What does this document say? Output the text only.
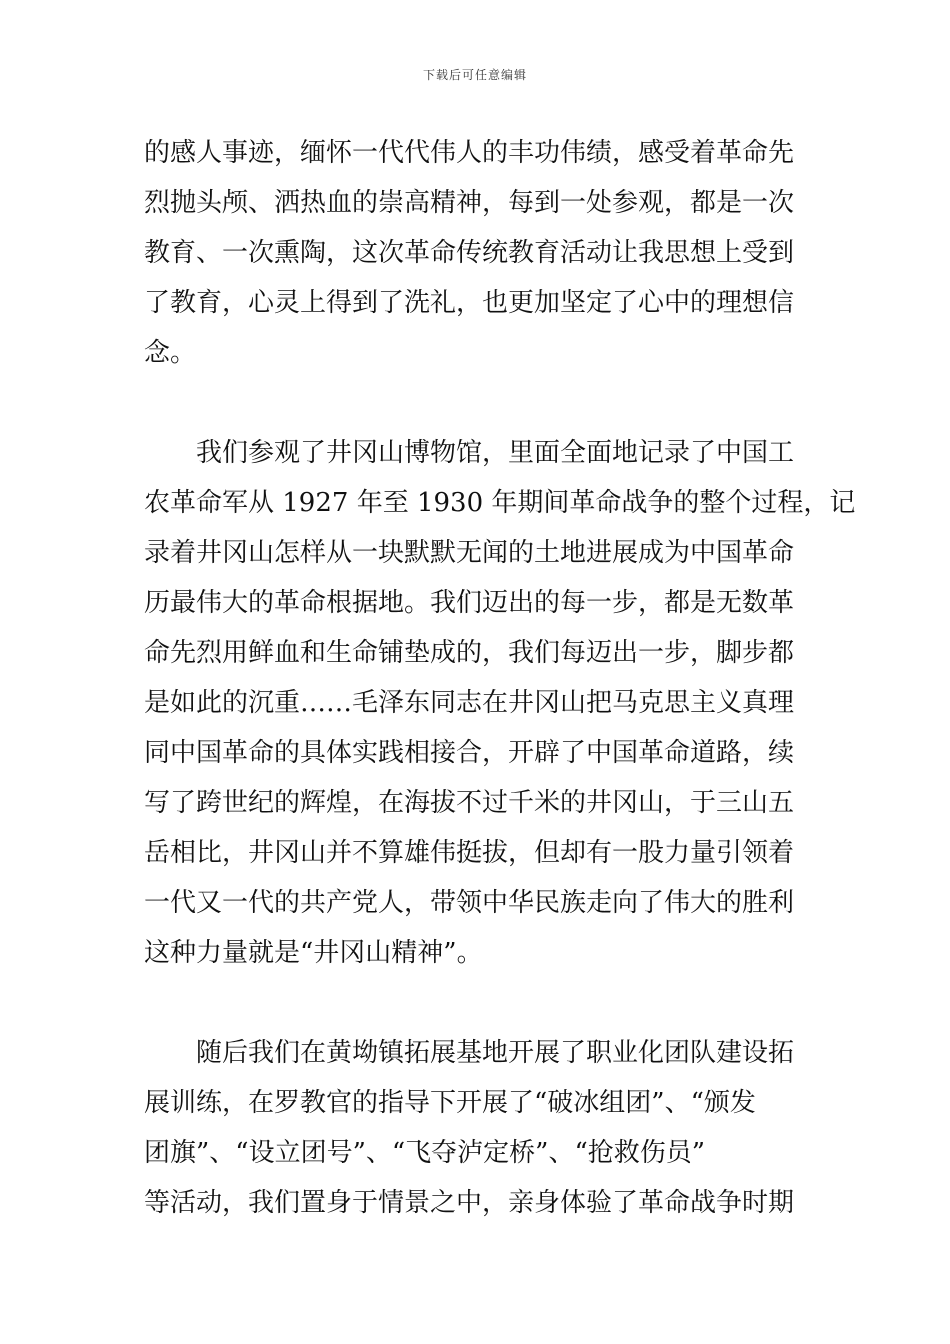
下载后可任意编辑
的感人事迹，缅怀一代代伟人的丰功伟绩，感受着革命先
烈抛头颅、洒热血的崇高精神，每到一处参观，都是一次
教育、一次熏陶，这次革命传统教育活动让我思想上受到
了教育，心灵上得到了洗礼，也更加坚定了心中的理想信
念。
我们参观了井冈山博物馆，里面全面地记录了中国工
农革命军从 1927 年至 1930 年期间革命战争的整个过程，记
录着井冈山怎样从一块默默无闻的土地进展成为中国革命
历最伟大的革命根据地。我们迈出的每一步，都是无数革
命先烈用鲜血和生命铺垫成的，我们每迈出一步，脚步都
是如此的沉重……毛泽东同志在井冈山把马克思主义真理
同中国革命的具体实践相接合，开辟了中国革命道路，续
写了跨世纪的辉煌，在海拔不过千米的井冈山，于三山五
岳相比，井冈山并不算雄伟挺拔，但却有一股力量引领着
一代又一代的共产党人，带领中华民族走向了伟大的胜利
这种力量就是“井冈山精神”。
随后我们在黄坳镇拓展基地开展了职业化团队建设拓
展训练，在罗教官的指导下开展了“破冰组团”、“颁发
团旗”、“设立团号”、“飞夺泸定桥”、“抢救伤员”
等活动，我们置身于情景之中，亲身体验了革命战争时期
